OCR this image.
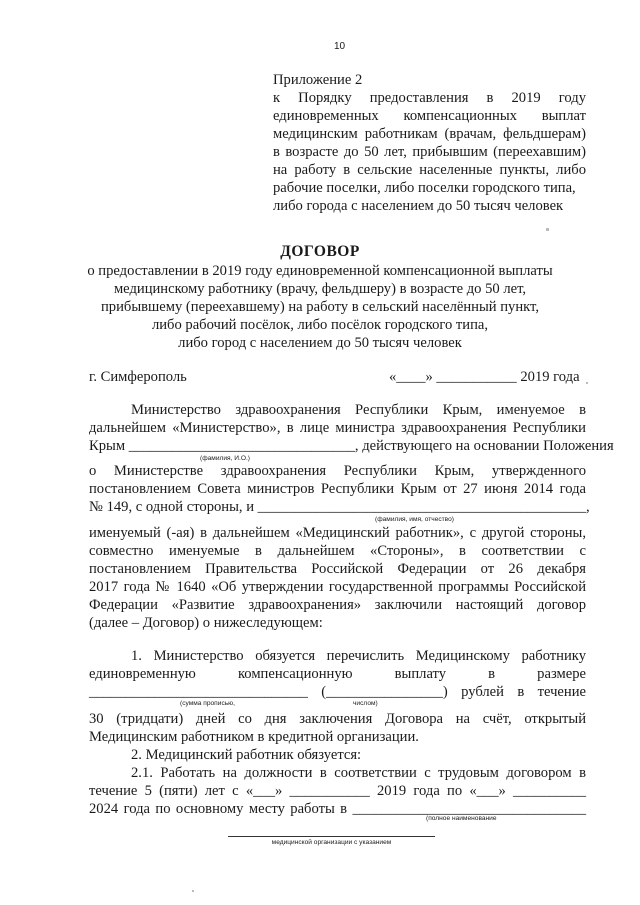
10
Приложение 2
к Порядку предоставления в 2019 году
единовременных компенсационных выплат
медицинским работникам (врачам, фельдшерам)
в возрасте до 50 лет, прибывшим (переехавшим)
на работу в сельские населенные пункты, либо
рабочие поселки, либо поселки городского типа,
либо города с населением до 50 тысяч человек
ДОГОВОР
о предоставлении в 2019 году единовременной компенсационной выплаты
медицинскому работнику (врачу, фельдшеру) в возрасте до 50 лет,
прибывшему (переехавшему) на работу в сельский населённый пункт,
либо рабочий посёлок, либо посёлок городского типа,
либо город с населением до 50 тысяч человек
г. Симферополь	«____» ___________ 2019 года
Министерство здравоохранения Республики Крым, именуемое в
дальнейшем «Министерство», в лице министра здравоохранения Республики
Крым _______________________________, действующего на основании Положения
(фамилия, И.О.)
о Министерстве здравоохранения Республики Крым, утвержденного
постановлением Совета министров Республики Крым от 27 июня 2014 года
№ 149, с одной стороны, и _____________________________________________,
(фамилия, имя, отчество)
именуемый (-ая) в дальнейшем «Медицинский работник», с другой стороны,
совместно именуемые в дальнейшем «Стороны», в соответствии с
постановлением Правительства Российской Федерации от 26 декабря
2017 года № 1640 «Об утверждении государственной программы Российской
Федерации «Развитие здравоохранения» заключили настоящий договор
(далее – Договор) о нижеследующем:
1. Министерство обязуется перечислить Медицинскому работнику
единовременную компенсационную выплату в размере
______________________________ (________________) рублей в течение
(сумма прописью,	числом)
30 (тридцати) дней со дня заключения Договора на счёт, открытый
Медицинским работником в кредитной организации.
2. Медицинский работник обязуется:
2.1. Работать на должности в соответствии с трудовым договором в
течение 5 (пяти) лет с «___» ___________ 2019 года по «___» __________
2024 года по основному месту работы в ________________________________
(полное наименование
медицинской организации с указанием
